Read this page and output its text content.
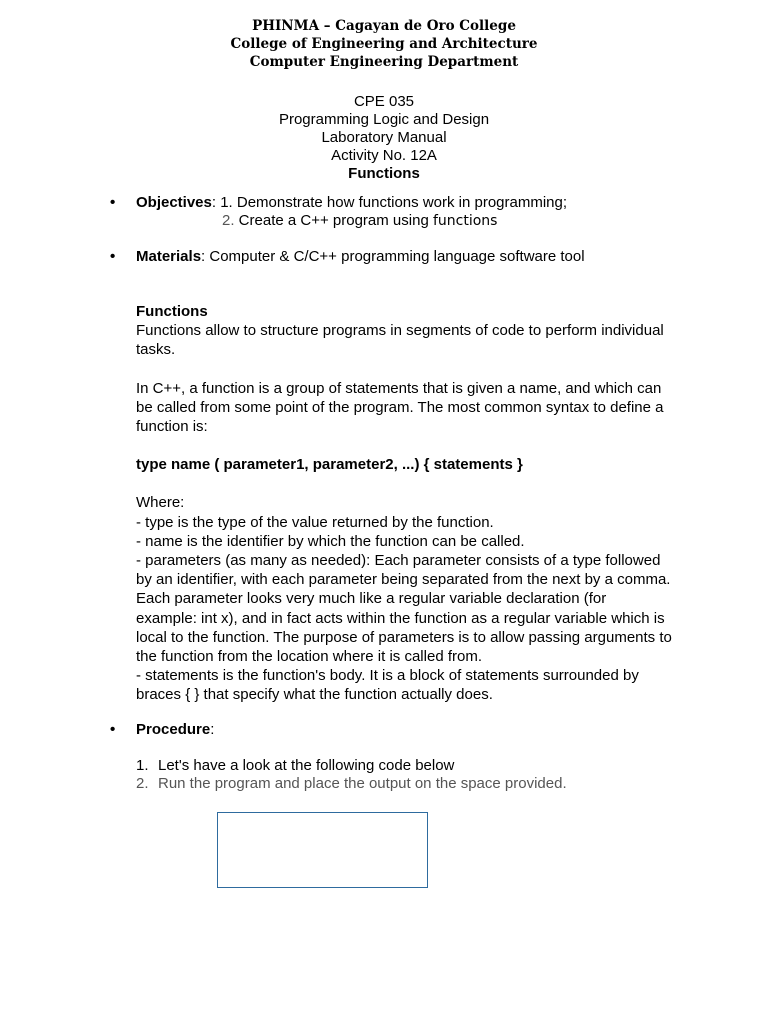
PHINMA – Cagayan de Oro College
College of Engineering and Architecture
Computer Engineering Department
CPE 035
Programming Logic and Design
Laboratory Manual
Activity No. 12A
Functions
•	Objectives: 1. Demonstrate how functions work in programming;
2. Create a C++ program using functions
•	Materials: Computer & C/C++ programming language software tool
Functions
Functions allow to structure programs in segments of code to perform individual
tasks.
In C++, a function is a group of statements that is given a name, and which can
be called from some point of the program. The most common syntax to define a
function is:
type name ( parameter1, parameter2, ...) { statements }
Where:
- type is the type of the value returned by the function.
- name is the identifier by which the function can be called.
- parameters (as many as needed): Each parameter consists of a type followed
by an identifier, with each parameter being separated from the next by a comma.
Each parameter looks very much like a regular variable declaration (for
example: int x), and in fact acts within the function as a regular variable which is
local to the function. The purpose of parameters is to allow passing arguments to
the function from the location where it is called from.
- statements is the function's body. It is a block of statements surrounded by
braces { } that specify what the function actually does.
•	Procedure:
1. Let's have a look at the following code below
2. Run the program and place the output on the space provided.
